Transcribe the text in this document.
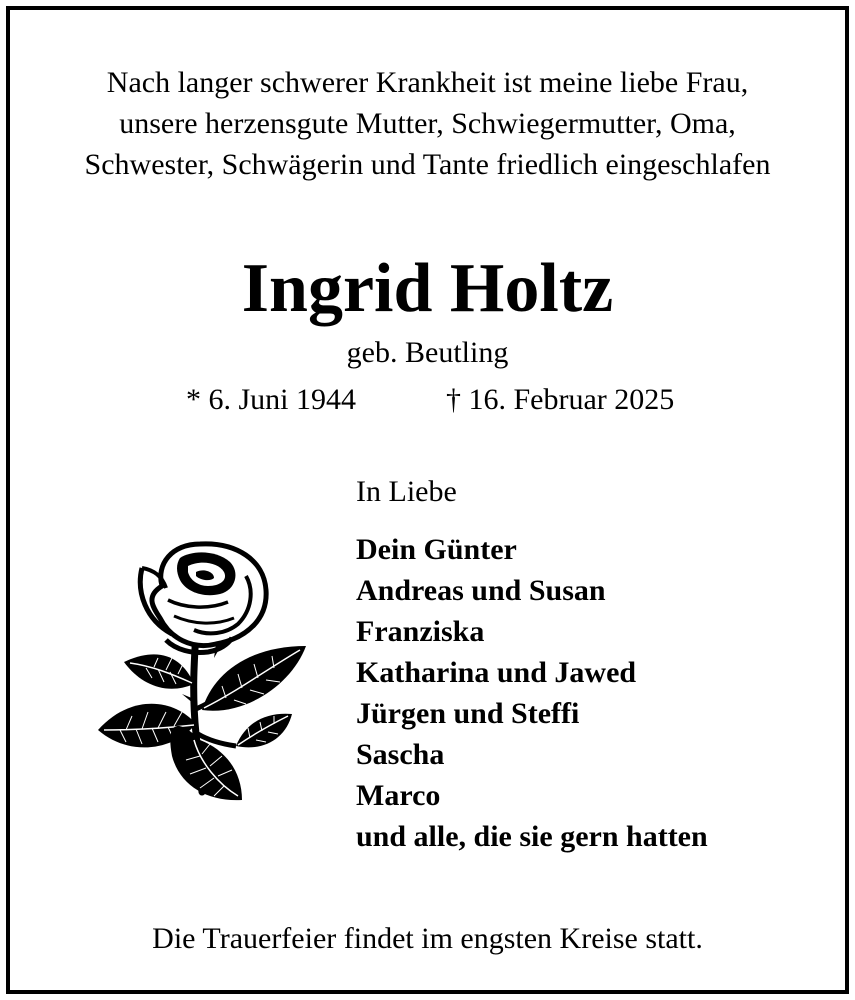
Nach langer schwerer Krankheit ist meine liebe Frau,
unsere herzensgute Mutter, Schwiegermutter, Oma,
Schwester, Schwägerin und Tante friedlich eingeschlafen
Ingrid Holtz
geb. Beutling
* 6. Juni 1944	† 16. Februar 2025
In Liebe
Dein Günter
Andreas und Susan
Franziska
Katharina und Jawed
Jürgen und Steffi
Sascha
Marco
und alle, die sie gern hatten
Die Trauerfeier findet im engsten Kreise statt.
